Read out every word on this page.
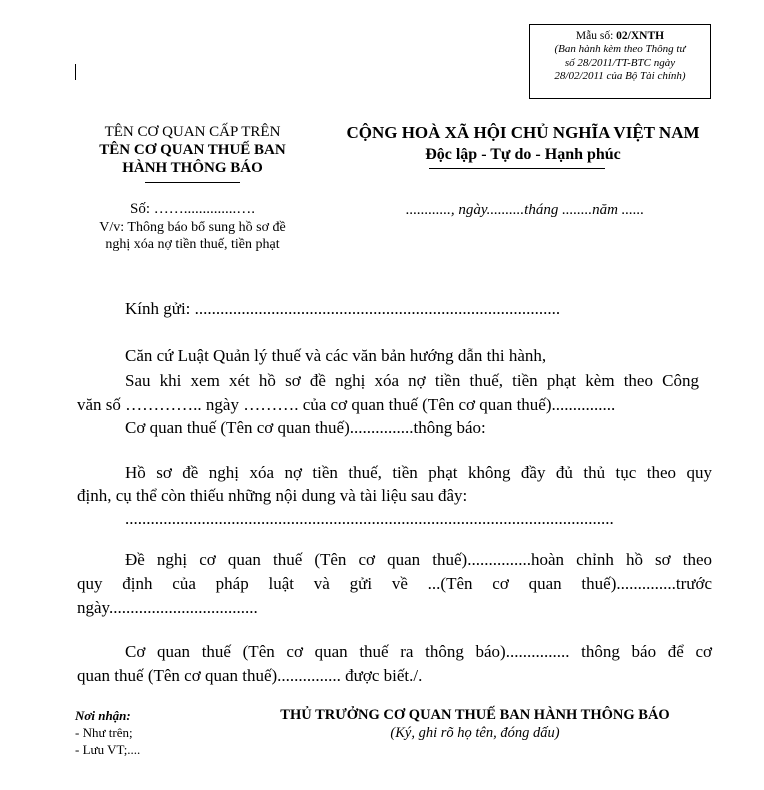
Mẫu số: 02/XNTH
(Ban hành kèm theo Thông tư
số 28/2011/TT-BTC ngày
28/02/2011 của Bộ Tài chính)
TÊN CƠ QUAN CẤP TRÊN
TÊN CƠ QUAN THUẾ BAN
HÀNH THÔNG BÁO
CỘNG HOÀ XÃ HỘI CHỦ NGHĨA VIỆT NAM
Độc lập - Tự do - Hạnh phúc
Số: ……..............….
V/v: Thông báo bổ sung hồ sơ đề
nghị xóa nợ tiền thuế, tiền phạt
............, ngày..........tháng ........năm ......
Kính gửi: ......................................................................................
Căn cứ Luật Quản lý thuế và các văn bản hướng dẫn thi hành,
Sau khi xem xét hồ sơ đề nghị xóa nợ tiền thuế, tiền phạt kèm theo Công
văn số ………….. ngày ………. của cơ quan thuế (Tên cơ quan thuế)...............
Cơ quan thuế (Tên cơ quan thuế)...............thông báo:
Hồ sơ đề nghị xóa nợ tiền thuế, tiền phạt không đầy đủ thủ tục theo quy
định, cụ thể còn thiếu những nội dung và tài liệu sau đây:
...................................................................................................................
Đề nghị cơ quan thuế (Tên cơ quan thuế)...............hoàn chỉnh hồ sơ theo
quy định của pháp luật và gửi về ...(Tên cơ quan thuế)..............trước
ngày...................................
Cơ quan thuế (Tên cơ quan thuế ra thông báo)............... thông báo để cơ
quan thuế (Tên cơ quan thuế)............... được biết./.
Nơi nhận:
- Như trên;
- Lưu VT;....
THỦ TRƯỞNG CƠ QUAN THUẾ BAN HÀNH THÔNG BÁO
(Ký, ghi rõ họ tên, đóng dấu)
